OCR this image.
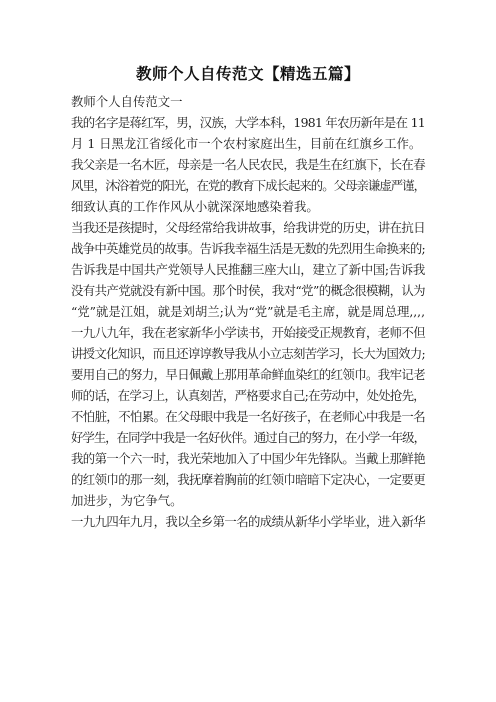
教师个人自传范文【精选五篇】
教师个人自传范文一
我的名字是蒋红军，男，汉族，大学本科，1981 年农历新年是在 11
月 1 日黑龙江省绥化市一个农村家庭出生，目前在红旗乡工作。
我父亲是一名木匠，母亲是一名人民农民，我是生在红旗下，长在春
风里，沐浴着党的阳光，在党的教育下成长起来的。父母亲谦虚严谨，
细致认真的工作作风从小就深深地感染着我。
当我还是孩提时，父母经常给我讲故事，给我讲党的历史，讲在抗日
战争中英雄党员的故事。告诉我幸福生活是无数的先烈用生命换来的;
告诉我是中国共产党领导人民推翻三座大山，建立了新中国;告诉我
没有共产党就没有新中国。那个时侯，我对“党”的概念很模糊，认为
“党”就是江姐，就是刘胡兰;认为“党”就是毛主席，就是周总理,,,,
一九八九年，我在老家新华小学读书，开始接受正规教育，老师不但
讲授文化知识，而且还谆谆教导我从小立志刻苦学习，长大为国效力;
要用自己的努力，早日佩戴上那用革命鲜血染红的红领巾。我牢记老
师的话，在学习上，认真刻苦，严格要求自己;在劳动中，处处抢先，
不怕脏，不怕累。在父母眼中我是一名好孩子，在老师心中我是一名
好学生，在同学中我是一名好伙伴。通过自己的努力，在小学一年级，
我的第一个六一时，我光荣地加入了中国少年先锋队。当戴上那鲜艳
的红领巾的那一刻，我抚摩着胸前的红领巾暗暗下定决心，一定要更
加进步，为它争气。
一九九四年九月，我以全乡第一名的成绩从新华小学毕业，进入新华
